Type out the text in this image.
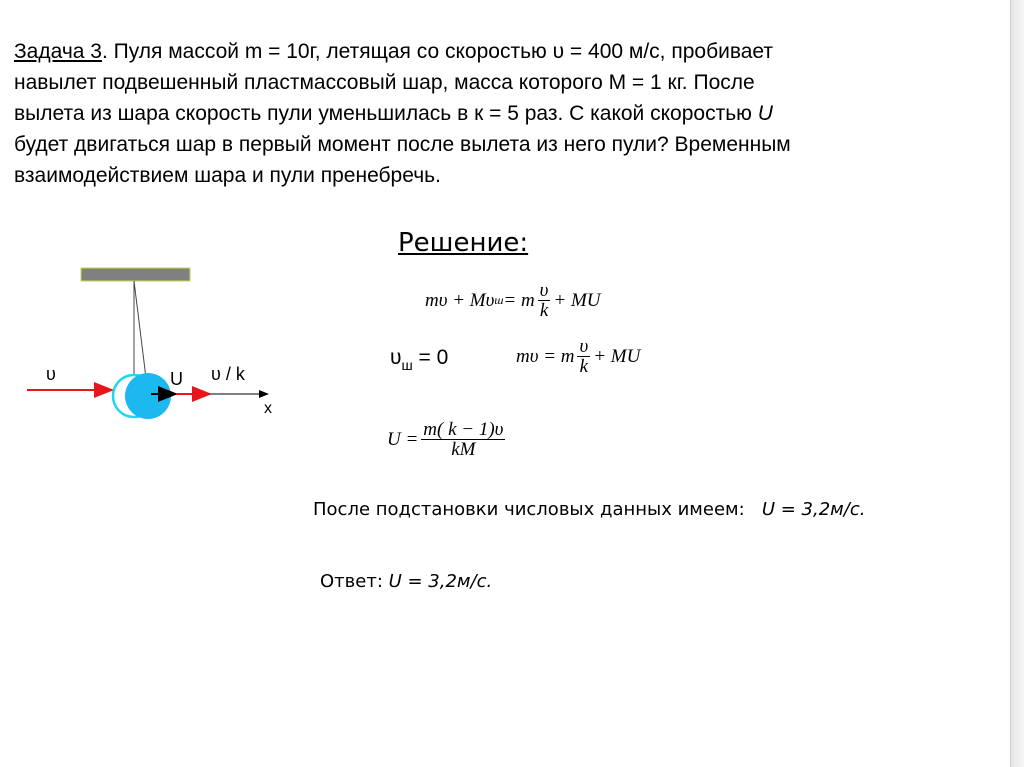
Задача 3. Пуля массой m = 10г, летящая со скоростью υ = 400 м/с, пробивает
навылет подвешенный пластмассовый шар, масса которого M = 1 кг. После
вылета из шара скорость пули уменьшилась в к = 5 раз. С какой скоростью U
будет двигаться шар в первый момент после вылета из него пули? Временным
взаимодействием шара и пули пренебречь.
Решение:
mυ + Mυ ш = m $\frac{\upsilon}{k}$ + MU
$\upsilon_ш = 0$	mυ = m $\frac{\upsilon}{k}$ + MU
$U = \frac{m( k - 1)\upsilon}{kM}$
После подстановки числовых данных имеем:   U = 3,2м/с.
Ответ: U = 3,2м/с.
υ	U υ / k
x
